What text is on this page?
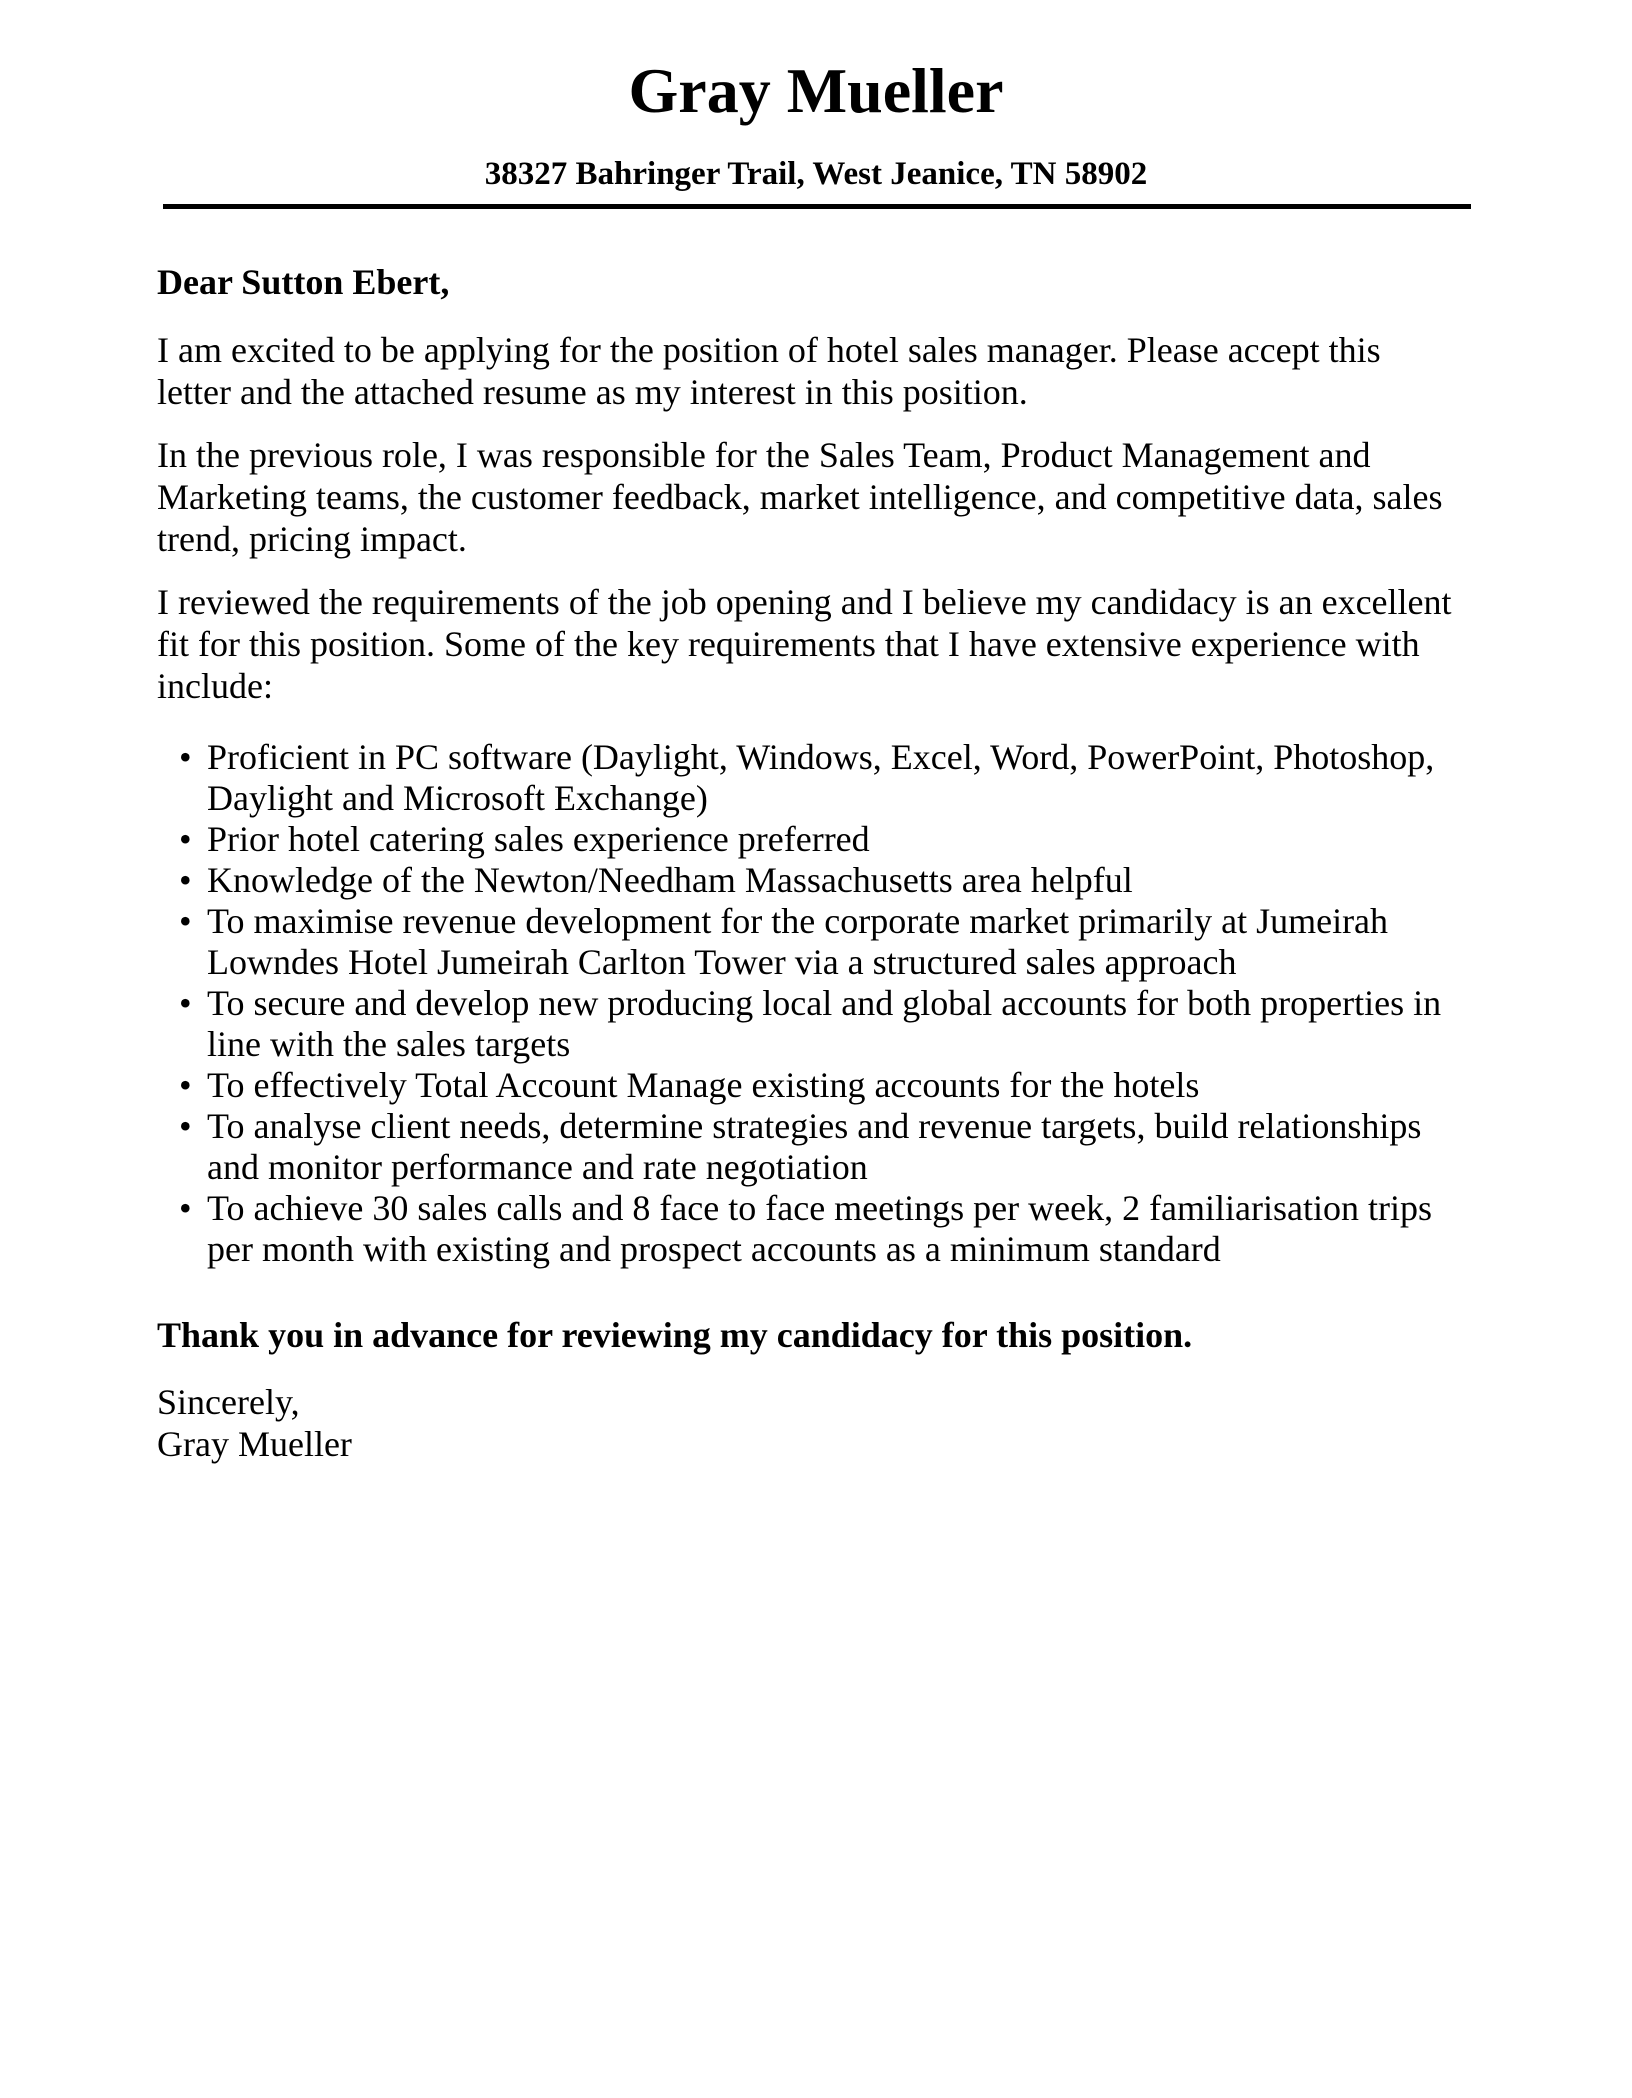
Gray Mueller
38327 Bahringer Trail, West Jeanice, TN 58902

Dear Sutton Ebert,

I am excited to be applying for the position of hotel sales manager. Please accept this letter and the attached resume as my interest in this position.

In the previous role, I was responsible for the Sales Team, Product Management and Marketing teams, the customer feedback, market intelligence, and competitive data, sales trend, pricing impact.

I reviewed the requirements of the job opening and I believe my candidacy is an excellent fit for this position. Some of the key requirements that I have extensive experience with include:

• Proficient in PC software (Daylight, Windows, Excel, Word, PowerPoint, Photoshop, Daylight and Microsoft Exchange)
• Prior hotel catering sales experience preferred
• Knowledge of the Newton/Needham Massachusetts area helpful
• To maximise revenue development for the corporate market primarily at Jumeirah Lowndes Hotel Jumeirah Carlton Tower via a structured sales approach
• To secure and develop new producing local and global accounts for both properties in line with the sales targets
• To effectively Total Account Manage existing accounts for the hotels
• To analyse client needs, determine strategies and revenue targets, build relationships and monitor performance and rate negotiation
• To achieve 30 sales calls and 8 face to face meetings per week, 2 familiarisation trips per month with existing and prospect accounts as a minimum standard

Thank you in advance for reviewing my candidacy for this position.

Sincerely,
Gray Mueller
